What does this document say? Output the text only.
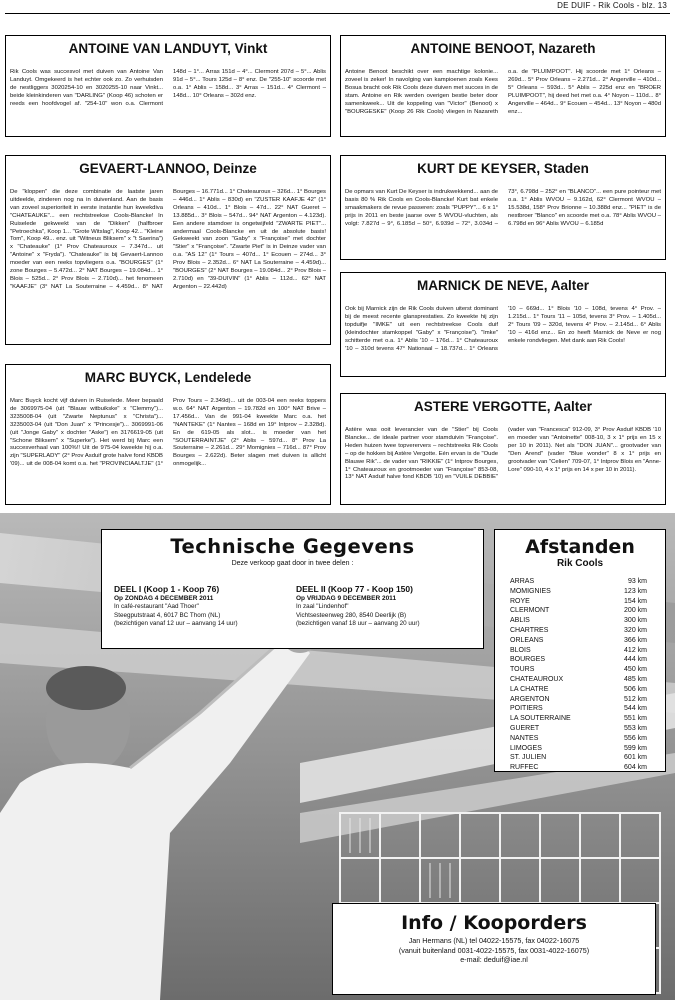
DE DUIF - Rik Cools - blz. 13
ANTOINE VAN LANDUYT, Vinkt

Rik Cools was succesvol met duiven van Antoine Van Landuyt. Omgekeerd is het echter ook zo. Zo verhuisden de nestliggers 3020254-10 en 3020255-10 naar Vinkt... beide kleinkinderen van "DARLING" (Koop 46) schoten er reeds een hoofdvogel af. "254-10" won o.a. Clermont 148d – 1°... Arras 151d – 4°... Clermont 207d – 5°... Ablis 91d – 5°... Tours 125d – 8° enz. De "255-10" scoorde met o.a. 1° Ablis – 158d... 3° Arras – 151d... 4° Clermont – 148d... 10° Orleans – 302d enz.

ANTOINE BENOOT, Nazareth

Antoine Benoot beschikt over een machtige kolonie... zoveel is zeker! In navolging van kampioenen zoals Kees Bosua bracht ook Rik Cools deze duiven met succes in de stam. Antoine en Rik werden overigen bestie beter door samenkweek... Uit de koppeling van "Victor" (Benoot) x "BOURGESKE" (Koop 26 Rik Cools) vliegen in Nazareth o.a. de "PLUIMPOOT". Hij scoorde met 1° Orleans – 269d... 5° Prov Orleans – 2.271d... 2° Angerville – 410d... 5° Orleans – 593d... 5° Ablis – 225d enz en "BROER PLUIMPOOT", hij deed het met o.a. 4° Noyon – 110d... 8° Angerville – 464d... 9° Ecouen – 454d... 13° Noyon – 480d enz...

GEVAERT-LANNOO, Deinze

De "kloppen" die deze combinatie de laatste jaren uitdeelde, zinderen nog na in duivenland. Aan de basis van zoveel superioriteit in eerste instantie hun kweekdiva "CHATEAUKE"... een rechtstreekse Cools-Blancke! In Ruiselede gekweekt van de "Dikken" (halfbroer "Petroechka", Koop 1... "Grote Witslag", Koop 42... "Kleine Tom", Koop 49... enz. uit "Witneus Bliksem" x "t Saerina") x "Chateauke" (1° Prov Chateauroux – 7.347d... uit "Antoine" x "Fryda"). "Chateauke" is bij Gevaert-Lannoo moeder van een reeks topvliegers o.a. "BOURGES" (1° zone Bourges – 5.472d... 2° NAT Bourges – 19.084d... 1° Blois – 525d... 2° Prov Blois – 2.710d)... het fenomeen "KAAFJE" (3° NAT La Souterraine – 4.459d... 8° NAT Bourges – 16.771d... 1° Chateauroux – 326d... 1° Bourges – 446d... 1° Ablis – 830d) en "ZUSTER KAAFJE 42" (1° Orleans – 410d... 1° Blois – 47d... 22° NAT Gueret – 13.885d... 3° Blois – 547d... 94° NAT Argenton – 4.123d). Een andere stamdoer is ongetwijfeld "ZWARTE PIET"... andermaal Cools-Blancke en uit de absolute basis! Gekweekt van zoon "Gaby" x "Françoise" met dochter "Stier" x "Françoise". "Zwarte Piet" is in Deinze vader van o.a. "AS 12" (1° Tours – 407d... 1° Ecouen – 274d... 3° Prov Blois – 2.352d... 6° NAT La Souterraine – 4.459d)... "BOURGES" (2° NAT Bourges – 19.084d... 2° Prov Blois – 2.710d) en "39-DUIVIN" (1° Ablis – 112d... 62° NAT Argenton – 22.442d)

KURT DE KEYSER, Staden

De opmars van Kurt De Keyser is indrukwekkend... aan de basis 80 % Rik Cools en Cools-Blancke! Kurt bat enkele smaakmakers de revue passeren: zoals "PUPPY"... 6 x 1° prijs in 2011 en beste jaarse over 5 WVOU-vluchten, als volgt: 7.827d – 9°, 6.185d – 50°, 6.939d – 72°, 3.034d – 73°, 6.798d – 252° en "BLANCO"... een pure pointeur met o.a. 1° Ablis WVOU – 9.162d, 62° Clermont WVOU – 15.538d, 158° Prov Brionne – 10.388d enz... "PIET" is de nestbroer "Blanco" en scoorde met o.a. 78° Ablis WVOU – 6.798d en 96° Ablis WVOU – 6.185d

MARNICK DE NEVE, Aalter

Ook bij Marnick zijn de Rik Cools duiven uiterst dominant bij de meest recente glansprestaties. Zo kweekte hij zijn topduifje "IMKE" uit een rechtstreekse Cools duif (kleindochter stamkoppel "Gaby" x "Françoise"). "Imke" schitterde met o.a. 1° Ablis '10 – 176d... 1° Chateauroux '10 – 310d tevens 47° Nationaal – 18.737d... 1° Orleans '10 – 669d... 1° Blois '10 – 108d, tevens 4° Prov. – 1.215d... 1° Tours '11 – 105d, tevens 3° Prov. – 1.405d... 2° Tours '09 – 320d, tevens 4° Prov. – 2.145d... 6° Ablis '10 – 416d enz... En zo heeft Marnick de Neve er nog enkele rondvliegen. Met dank aan Rik Cools!

MARC BUYCK, Lendelede

Marc Buyck kocht vijf duiven in Ruiselede. Meer bepaald de 3069975-04 (uit "Blauw witbuikske" x "Clemmy")... 3235008-04 (uit "Zwarte Neptunus" x "Christa")... 3235003-04 (uit "Don Juan" x "Princesje")... 3069991-06 (uit "Jonge Gaby" x dochter "Aske") en 3176619-05 (uit "Schone Bliksem" x "Superke"). Het werd bij Marc een succesverhaal van 100%!! Uit de 975-04 kweekte hij o.a. zijn "SUPERLADY" (2° Prov Asduif grote halve fond KBDB '09)... uit de 008-04 komt o.a. het "PROVINCIAALTJE" (1° Prov Tours – 2.349d)... uit de 003-04 een reeks toppers w.o. 64° NAT Argenton – 19.782d en 100° NAT Brive – 17.456d... Van de 991-04 kweekte Marc o.a. het "NANTEKE" (1° Nantes – 168d en 19° Intprov – 2.328d). En de 619-05 als slot... is moeder van het "SOUTERRAINTJE" (2° Ablis – 597d... 8° Prov La Souterraine – 2.261d... 29° Momignies – 716d... 87° Prov Bourges – 2.622d). Beter slagen met duiven is allicht onmogelijk...

ASTERE VERGOTTE, Aalter

Astère was ooit leverancier van de "Stier" bij Cools Blancke... de ideale partner voor stamduivin "Françoise". Heden huizen twee topverervers – rechtstreeks Rik Cools – op de hokken bij Astère Vergotte. Eén ervan is de "Oude Blauwe Rik"... de vader van "RIKKIE" (1° Intprov Bourges, 1° Chateauroux en grootmoeder van "Françoise" 853-08, 13° NAT Asduif halve fond KBDB '10) en "VUILE DEBBIE" (vader van "Francesca" 912-09, 3° Prov Asduif KBDB '10 en moeder van "Antoinette" 008-10, 3 x 1° prijs en 15 x per 10 in 2011). Net als "DON JUAN"... grootvader van "Den Arend" (vader "Blue wonder" 8 x 1° prijs en grootvader van "Celien" 709-07, 1° Intprov Blois en "Anne-Lore" 090-10, 4 x 1° prijs en 14 x per 10 in 2011).

Technische Gegevens
Deze verkoop gaat door in twee delen :
DEEL I (Koop 1 - Koop 76)
Op ZONDAG 4 DECEMBER 2011
In café-restaurant "Aad Thoer"
Steegputstraat 4, 6017 BC Thorn (NL)
(bezichtigen vanaf 12 uur – aanvang 14 uur)
DEEL II (Koop 77 - Koop 150)
Op VRIJDAG 9 DECEMBER 2011
In zaal "Lindenhof"
Vichtsesteenweg 280, 8540 Deerlijk (B)
(bezichtigen vanaf 18 uur – aanvang 20 uur)
Afstanden
Rik Cools
ARRAS	93 km
MOMIGNIES	123 km
ROYE	154 km
CLERMONT	200 km
ABLIS	300 km
CHARTRES	320 km
ORLEANS	366 km
BLOIS	412 km
BOURGES	444 km
TOURS	450 km
CHATEAUROUX	485 km
LA CHATRE	506 km
ARGENTON	512 km
POITIERS	544 km
LA SOUTERRAINE	551 km
GUERET	553 km
NANTES	556 km
LIMOGES	599 km
ST. JULIEN	601 km
RUFFEC	604 km
Info / Kooporders

Jan Hermans (NL) tel 04022-15575, fax 04022-16075
(vanuit buitenland 0031-4022-15575, fax 0031-4022-16075)
e-mail: deduif@iae.nl
